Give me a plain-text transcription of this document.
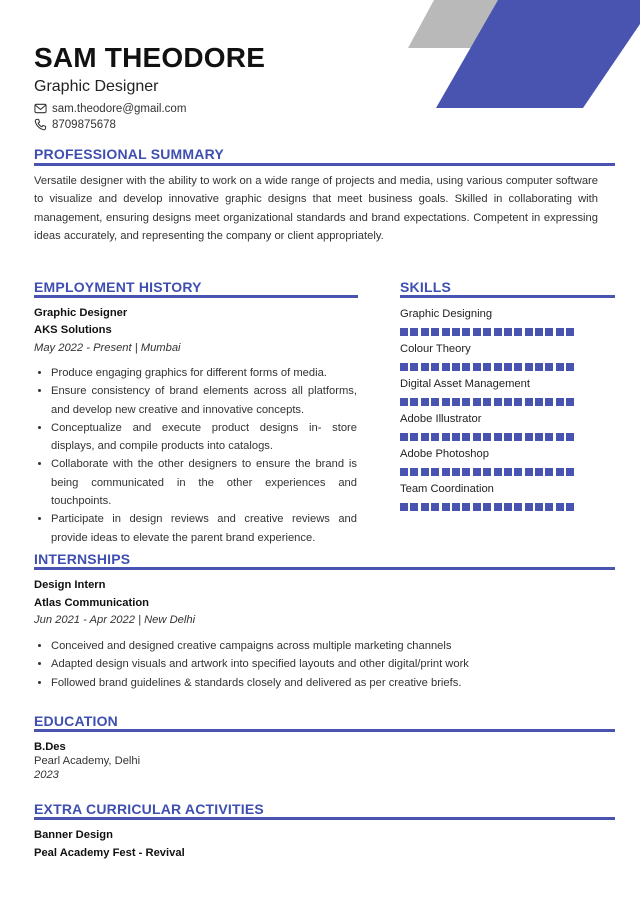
SAM THEODORE
Graphic Designer
sam.theodore@gmail.com
8709875678
PROFESSIONAL SUMMARY
Versatile designer with the ability to work on a wide range of projects and media, using various computer software to visualize and develop innovative graphic designs that meet business goals. Skilled in collaborating with management, ensuring designs meet organizational standards and brand expectations. Competent in expressing ideas accurately, and representing the company or client appropriately.
EMPLOYMENT HISTORY
Graphic Designer
AKS Solutions
May 2022 - Present | Mumbai
• Produce engaging graphics for different forms of media.
• Ensure consistency of brand elements across all platforms, and develop new creative and innovative concepts.
• Conceptualize and execute product designs in- store displays, and compile products into catalogs.
• Collaborate with the other designers to ensure the brand is being communicated in the other experiences and touchpoints.
• Participate in design reviews and creative reviews and provide ideas to elevate the parent brand experience.
SKILLS
Graphic Designing
Colour Theory
Digital Asset Management
Adobe Illustrator
Adobe Photoshop
Team Coordination
INTERNSHIPS
Design Intern
Atlas Communication
Jun 2021 - Apr 2022 | New Delhi
• Conceived and designed creative campaigns across multiple marketing channels
• Adapted design visuals and artwork into specified layouts and other digital/print work
• Followed brand guidelines & standards closely and delivered as per creative briefs.
EDUCATION
B.Des
Pearl Academy, Delhi
2023
EXTRA CURRICULAR ACTIVITIES
Banner Design
Peal Academy Fest - Revival
